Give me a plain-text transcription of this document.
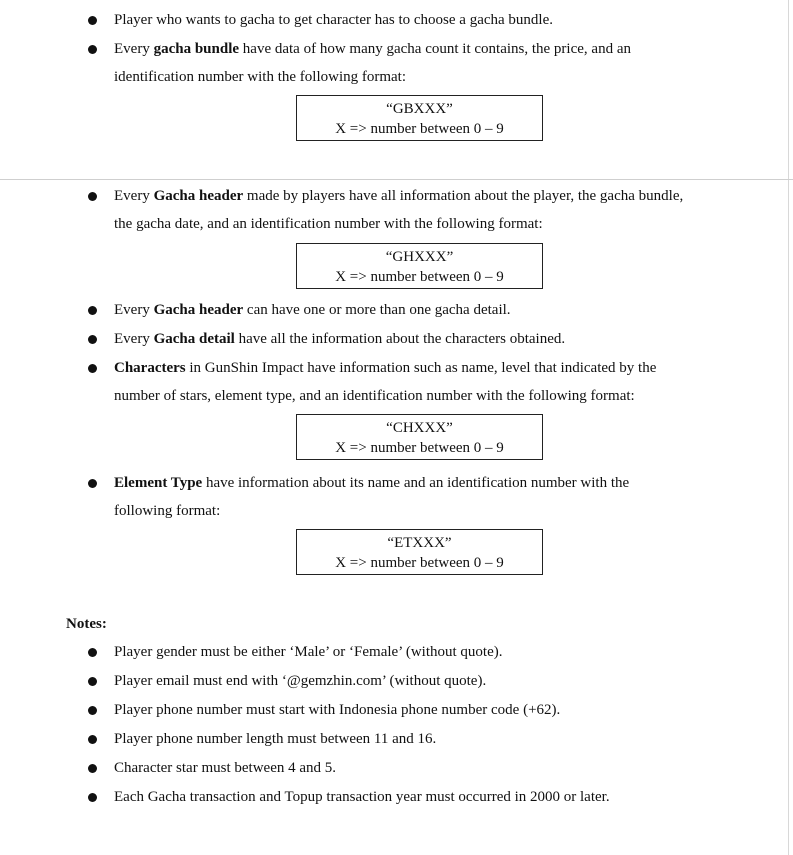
Player who wants to gacha to get character has to choose a gacha bundle.
Every gacha bundle have data of how many gacha count it contains, the price, and an
identification number with the following format:
“GBXXX”
X => number between 0 – 9
Every Gacha header made by players have all information about the player, the gacha bundle,
the gacha date, and an identification number with the following format:
“GHXXX”
X => number between 0 – 9
Every Gacha header can have one or more than one gacha detail.
Every Gacha detail have all the information about the characters obtained.
Characters in GunShin Impact have information such as name, level that indicated by the
number of stars, element type, and an identification number with the following format:
“CHXXX”
X => number between 0 – 9
Element Type have information about its name and an identification number with the
following format:
“ETXXX”
X => number between 0 – 9
Notes:
Player gender must be either ‘Male’ or ‘Female’ (without quote).
Player email must end with ‘@gemzhin.com’ (without quote).
Player phone number must start with Indonesia phone number code (+62).
Player phone number length must between 11 and 16.
Character star must between 4 and 5.
Each Gacha transaction and Topup transaction year must occurred in 2000 or later.
